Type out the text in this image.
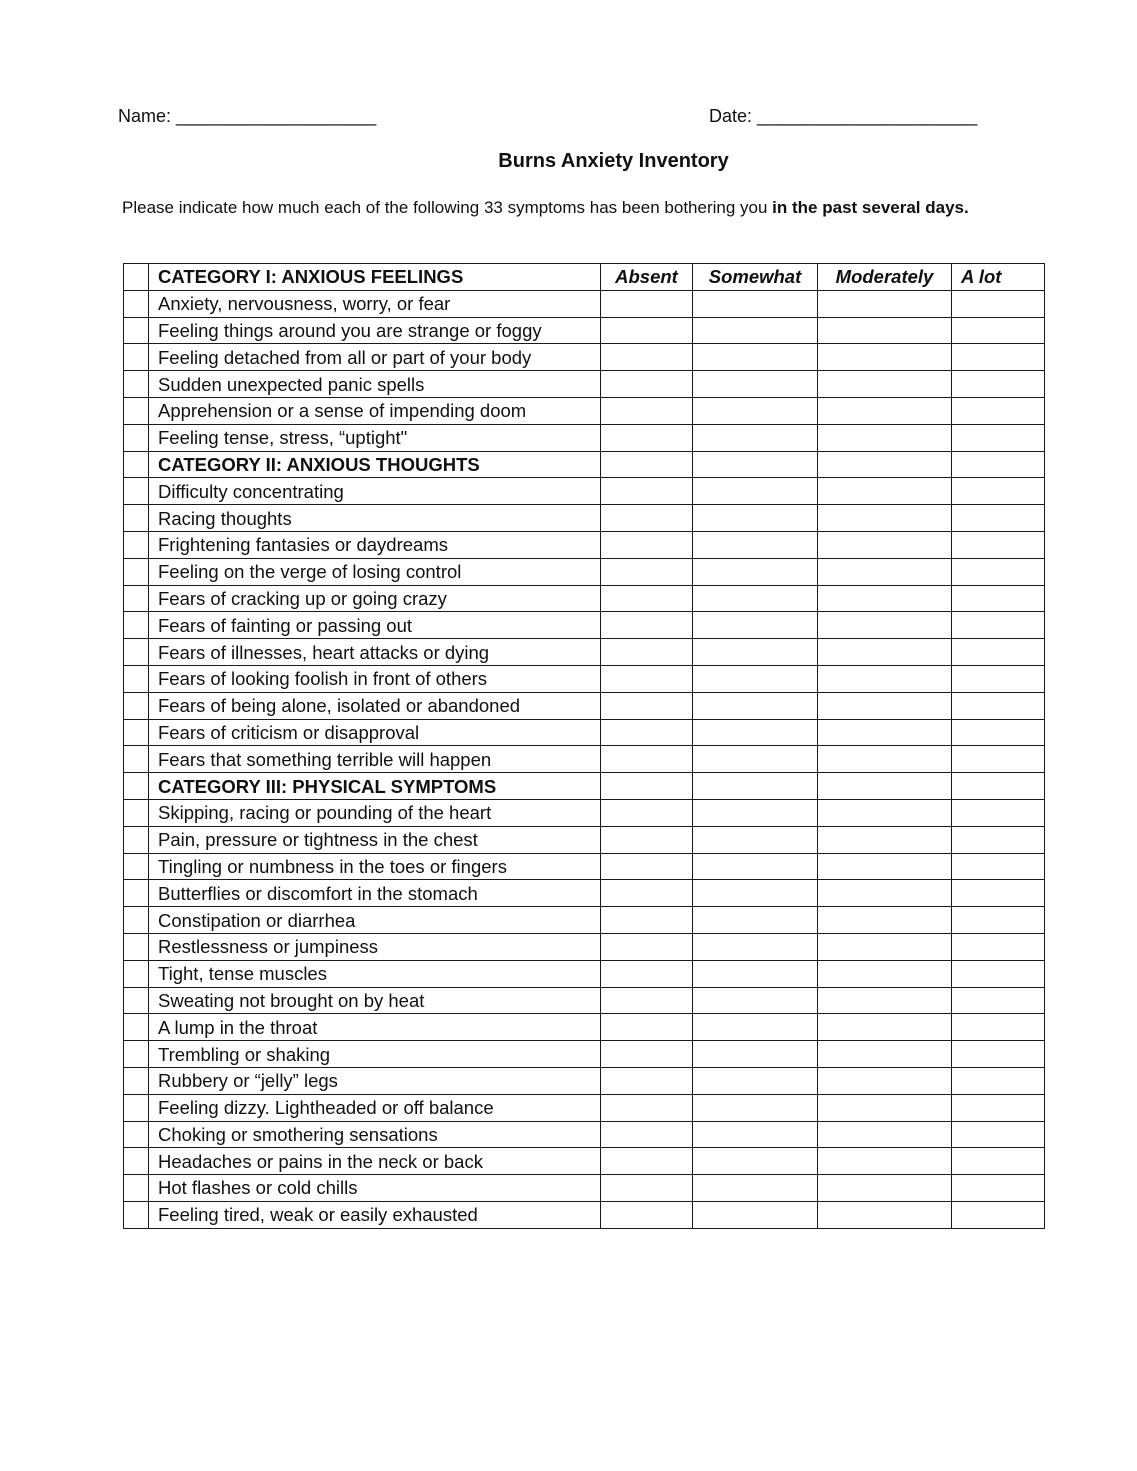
Name: ____________________	Date: ______________________
Burns Anxiety Inventory
Please indicate how much each of the following 33 symptoms has been bothering you in the past several days.
	CATEGORY I: ANXIOUS FEELINGS	Absent	Somewhat	Moderately	A lot
	Anxiety, nervousness, worry, or fear				
	Feeling things around you are strange or foggy				
	Feeling detached from all or part of your body				
	Sudden unexpected panic spells				
	Apprehension or a sense of impending doom				
	Feeling tense, stress, “uptight"				
	CATEGORY II: ANXIOUS THOUGHTS				
	Difficulty concentrating				
	Racing thoughts				
	Frightening fantasies or daydreams				
	Feeling on the verge of losing control				
	Fears of cracking up or going crazy				
	Fears of fainting or passing out				
	Fears of illnesses, heart attacks or dying				
	Fears of looking foolish in front of others				
	Fears of being alone, isolated or abandoned				
	Fears of criticism or disapproval				
	Fears that something terrible will happen				
	CATEGORY III: PHYSICAL SYMPTOMS				
	Skipping, racing or pounding of the heart				
	Pain, pressure or tightness in the chest				
	Tingling or numbness in the toes or fingers				
	Butterflies or discomfort in the stomach				
	Constipation or diarrhea				
	Restlessness or jumpiness				
	Tight, tense muscles				
	Sweating not brought on by heat				
	A lump in the throat				
	Trembling or shaking				
	Rubbery or “jelly” legs				
	Feeling dizzy. Lightheaded or off balance				
	Choking or smothering sensations				
	Headaches or pains in the neck or back				
	Hot flashes or cold chills				
	Feeling tired, weak or easily exhausted				
